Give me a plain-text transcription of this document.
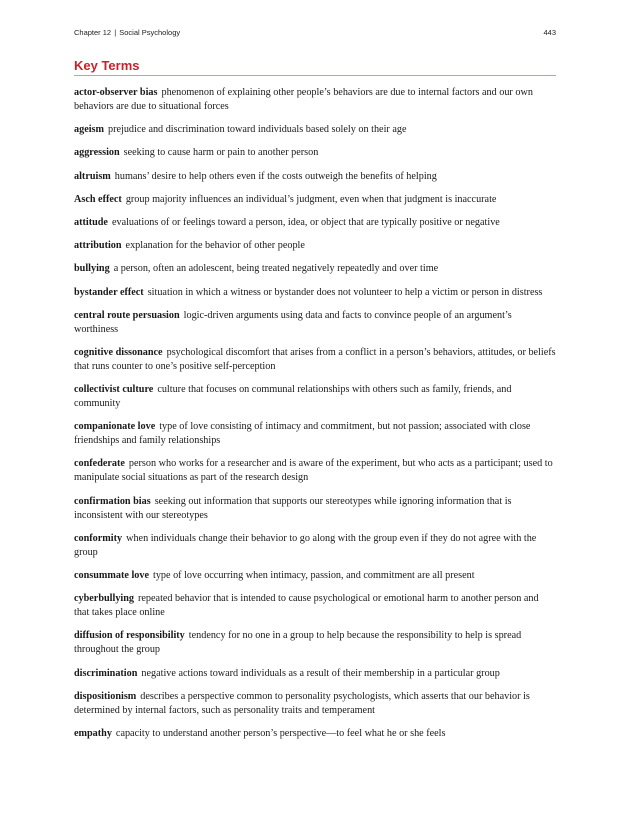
Chapter 12 | Social Psychology	443
Key Terms
actor-observer bias phenomenon of explaining other people’s behaviors are due to internal factors and our own behaviors are due to situational forces
ageism prejudice and discrimination toward individuals based solely on their age
aggression seeking to cause harm or pain to another person
altruism humans’ desire to help others even if the costs outweigh the benefits of helping
Asch effect group majority influences an individual’s judgment, even when that judgment is inaccurate
attitude evaluations of or feelings toward a person, idea, or object that are typically positive or negative
attribution explanation for the behavior of other people
bullying a person, often an adolescent, being treated negatively repeatedly and over time
bystander effect situation in which a witness or bystander does not volunteer to help a victim or person in distress
central route persuasion logic-driven arguments using data and facts to convince people of an argument’s worthiness
cognitive dissonance psychological discomfort that arises from a conflict in a person’s behaviors, attitudes, or beliefs that runs counter to one’s positive self-perception
collectivist culture culture that focuses on communal relationships with others such as family, friends, and community
companionate love type of love consisting of intimacy and commitment, but not passion; associated with close friendships and family relationships
confederate person who works for a researcher and is aware of the experiment, but who acts as a participant; used to manipulate social situations as part of the research design
confirmation bias seeking out information that supports our stereotypes while ignoring information that is inconsistent with our stereotypes
conformity when individuals change their behavior to go along with the group even if they do not agree with the group
consummate love type of love occurring when intimacy, passion, and commitment are all present
cyberbullying repeated behavior that is intended to cause psychological or emotional harm to another person and that takes place online
diffusion of responsibility tendency for no one in a group to help because the responsibility to help is spread throughout the group
discrimination negative actions toward individuals as a result of their membership in a particular group
dispositionism describes a perspective common to personality psychologists, which asserts that our behavior is determined by internal factors, such as personality traits and temperament
empathy capacity to understand another person’s perspective—to feel what he or she feels
